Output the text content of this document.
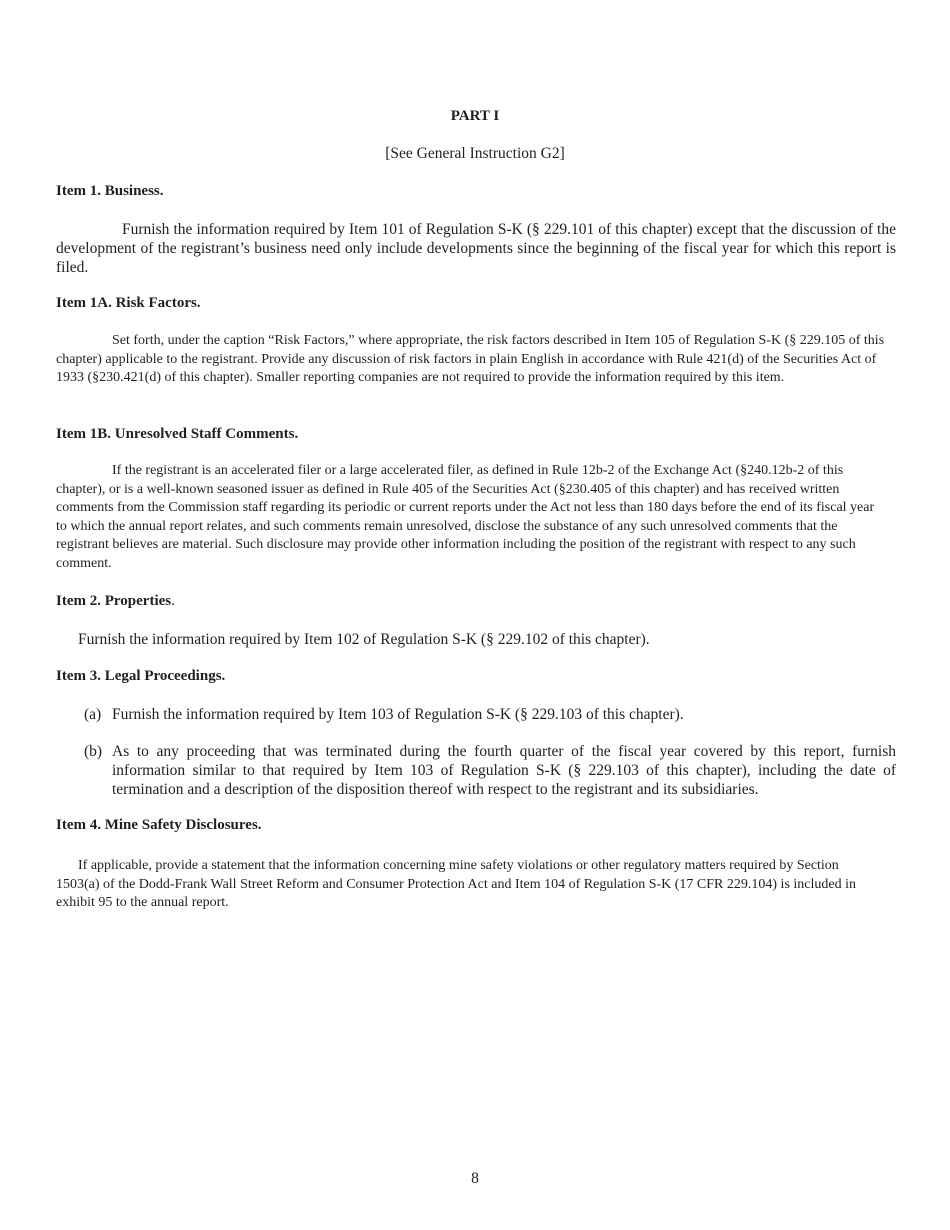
PART I
[See General Instruction G2]
Item 1. Business.
Furnish the information required by Item 101 of Regulation S-K (§ 229.101 of this chapter) except that the discussion of the development of the registrant’s business need only include developments since the beginning of the fiscal year for which this report is filed.
Item 1A. Risk Factors.
Set forth, under the caption “Risk Factors,” where appropriate, the risk factors described in Item 105 of Regulation S-K (§ 229.105 of this chapter) applicable to the registrant. Provide any discussion of risk factors in plain English in accordance with Rule 421(d) of the Securities Act of 1933 (§230.421(d) of this chapter). Smaller reporting companies are not required to provide the information required by this item.
Item 1B. Unresolved Staff Comments.
If the registrant is an accelerated filer or a large accelerated filer, as defined in Rule 12b-2 of the Exchange Act (§240.12b-2 of this chapter), or is a well-known seasoned issuer as defined in Rule 405 of the Securities Act (§230.405 of this chapter) and has received written comments from the Commission staff regarding its periodic or current reports under the Act not less than 180 days before the end of its fiscal year to which the annual report relates, and such comments remain unresolved, disclose the substance of any such unresolved comments that the registrant believes are material. Such disclosure may provide other information including the position of the registrant with respect to any such comment.
Item 2. Properties.
Furnish the information required by Item 102 of Regulation S-K (§ 229.102 of this chapter).
Item 3. Legal Proceedings.
(a) Furnish the information required by Item 103 of Regulation S-K (§ 229.103 of this chapter).
(b) As to any proceeding that was terminated during the fourth quarter of the fiscal year covered by this report, furnish information similar to that required by Item 103 of Regulation S-K (§ 229.103 of this chapter), including the date of termination and a description of the disposition thereof with respect to the registrant and its subsidiaries.
Item 4. Mine Safety Disclosures.
If applicable, provide a statement that the information concerning mine safety violations or other regulatory matters required by Section 1503(a) of the Dodd-Frank Wall Street Reform and Consumer Protection Act and Item 104 of Regulation S-K (17 CFR 229.104) is included in exhibit 95 to the annual report.
8
